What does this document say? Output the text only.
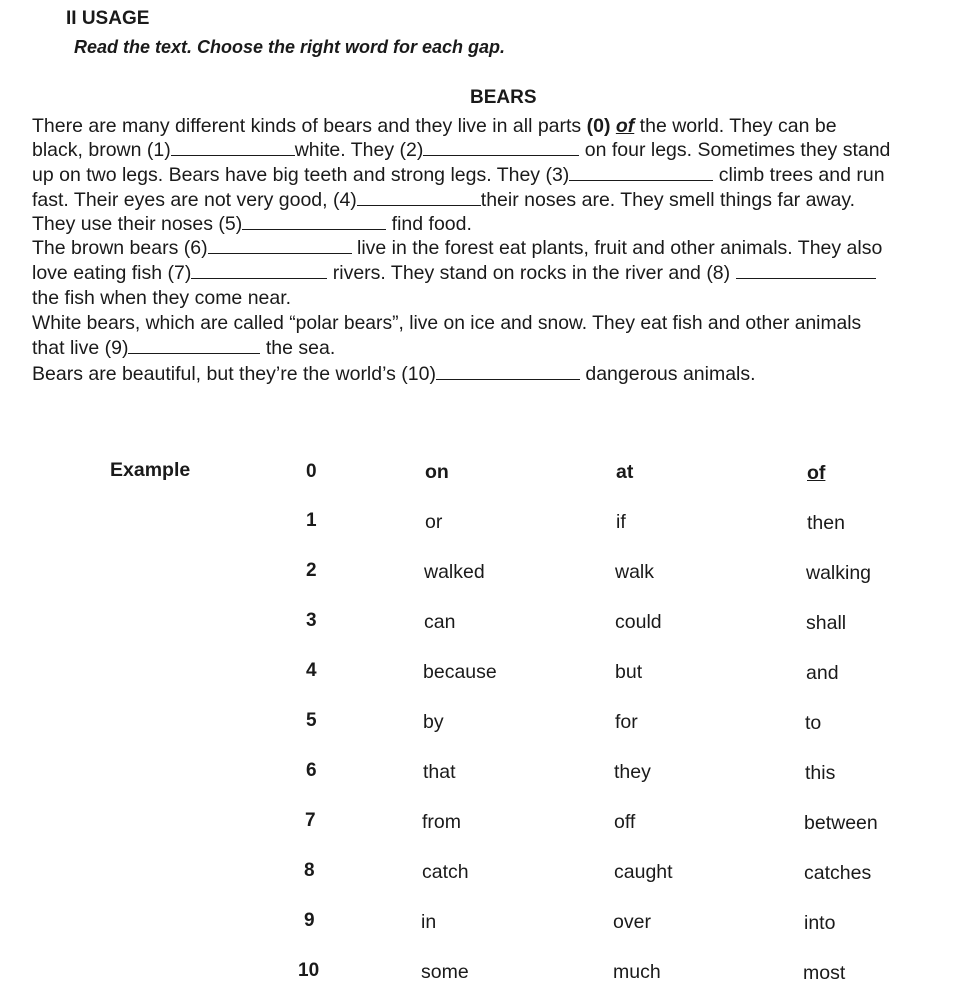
II USAGE
Read the text. Choose the right word for each gap.
BEARS
There are many different kinds of bears and they live in all parts (0) of the world. They can be
black, brown (1)	white. They (2)	on four legs. Sometimes they stand
up on two legs. Bears have big teeth and strong legs. They (3)	climb trees and run
fast. Their eyes are not very good, (4)	their noses are. They smell things far away.
They use their noses (5)	find food.
The brown bears (6)	live in the forest eat plants, fruit and other animals. They also
love eating fish (7)	rivers. They stand on rocks in the river and (8)
the fish when they come near.
White bears, which are called “polar bears”, live on ice and snow. They eat fish and other animals
that live (9)	the sea.
Bears are beautiful, but they’re the world’s (10)	dangerous animals.
Example	0	on	at	of
1	or	if	then
2	walked	walk	walking
3	can	could	shall
4	because	but	and
5	by	for	to
6	that	they	this
7	from	off	between
8	catch	caught	catches
9	in	over	into
10	some	much	most
